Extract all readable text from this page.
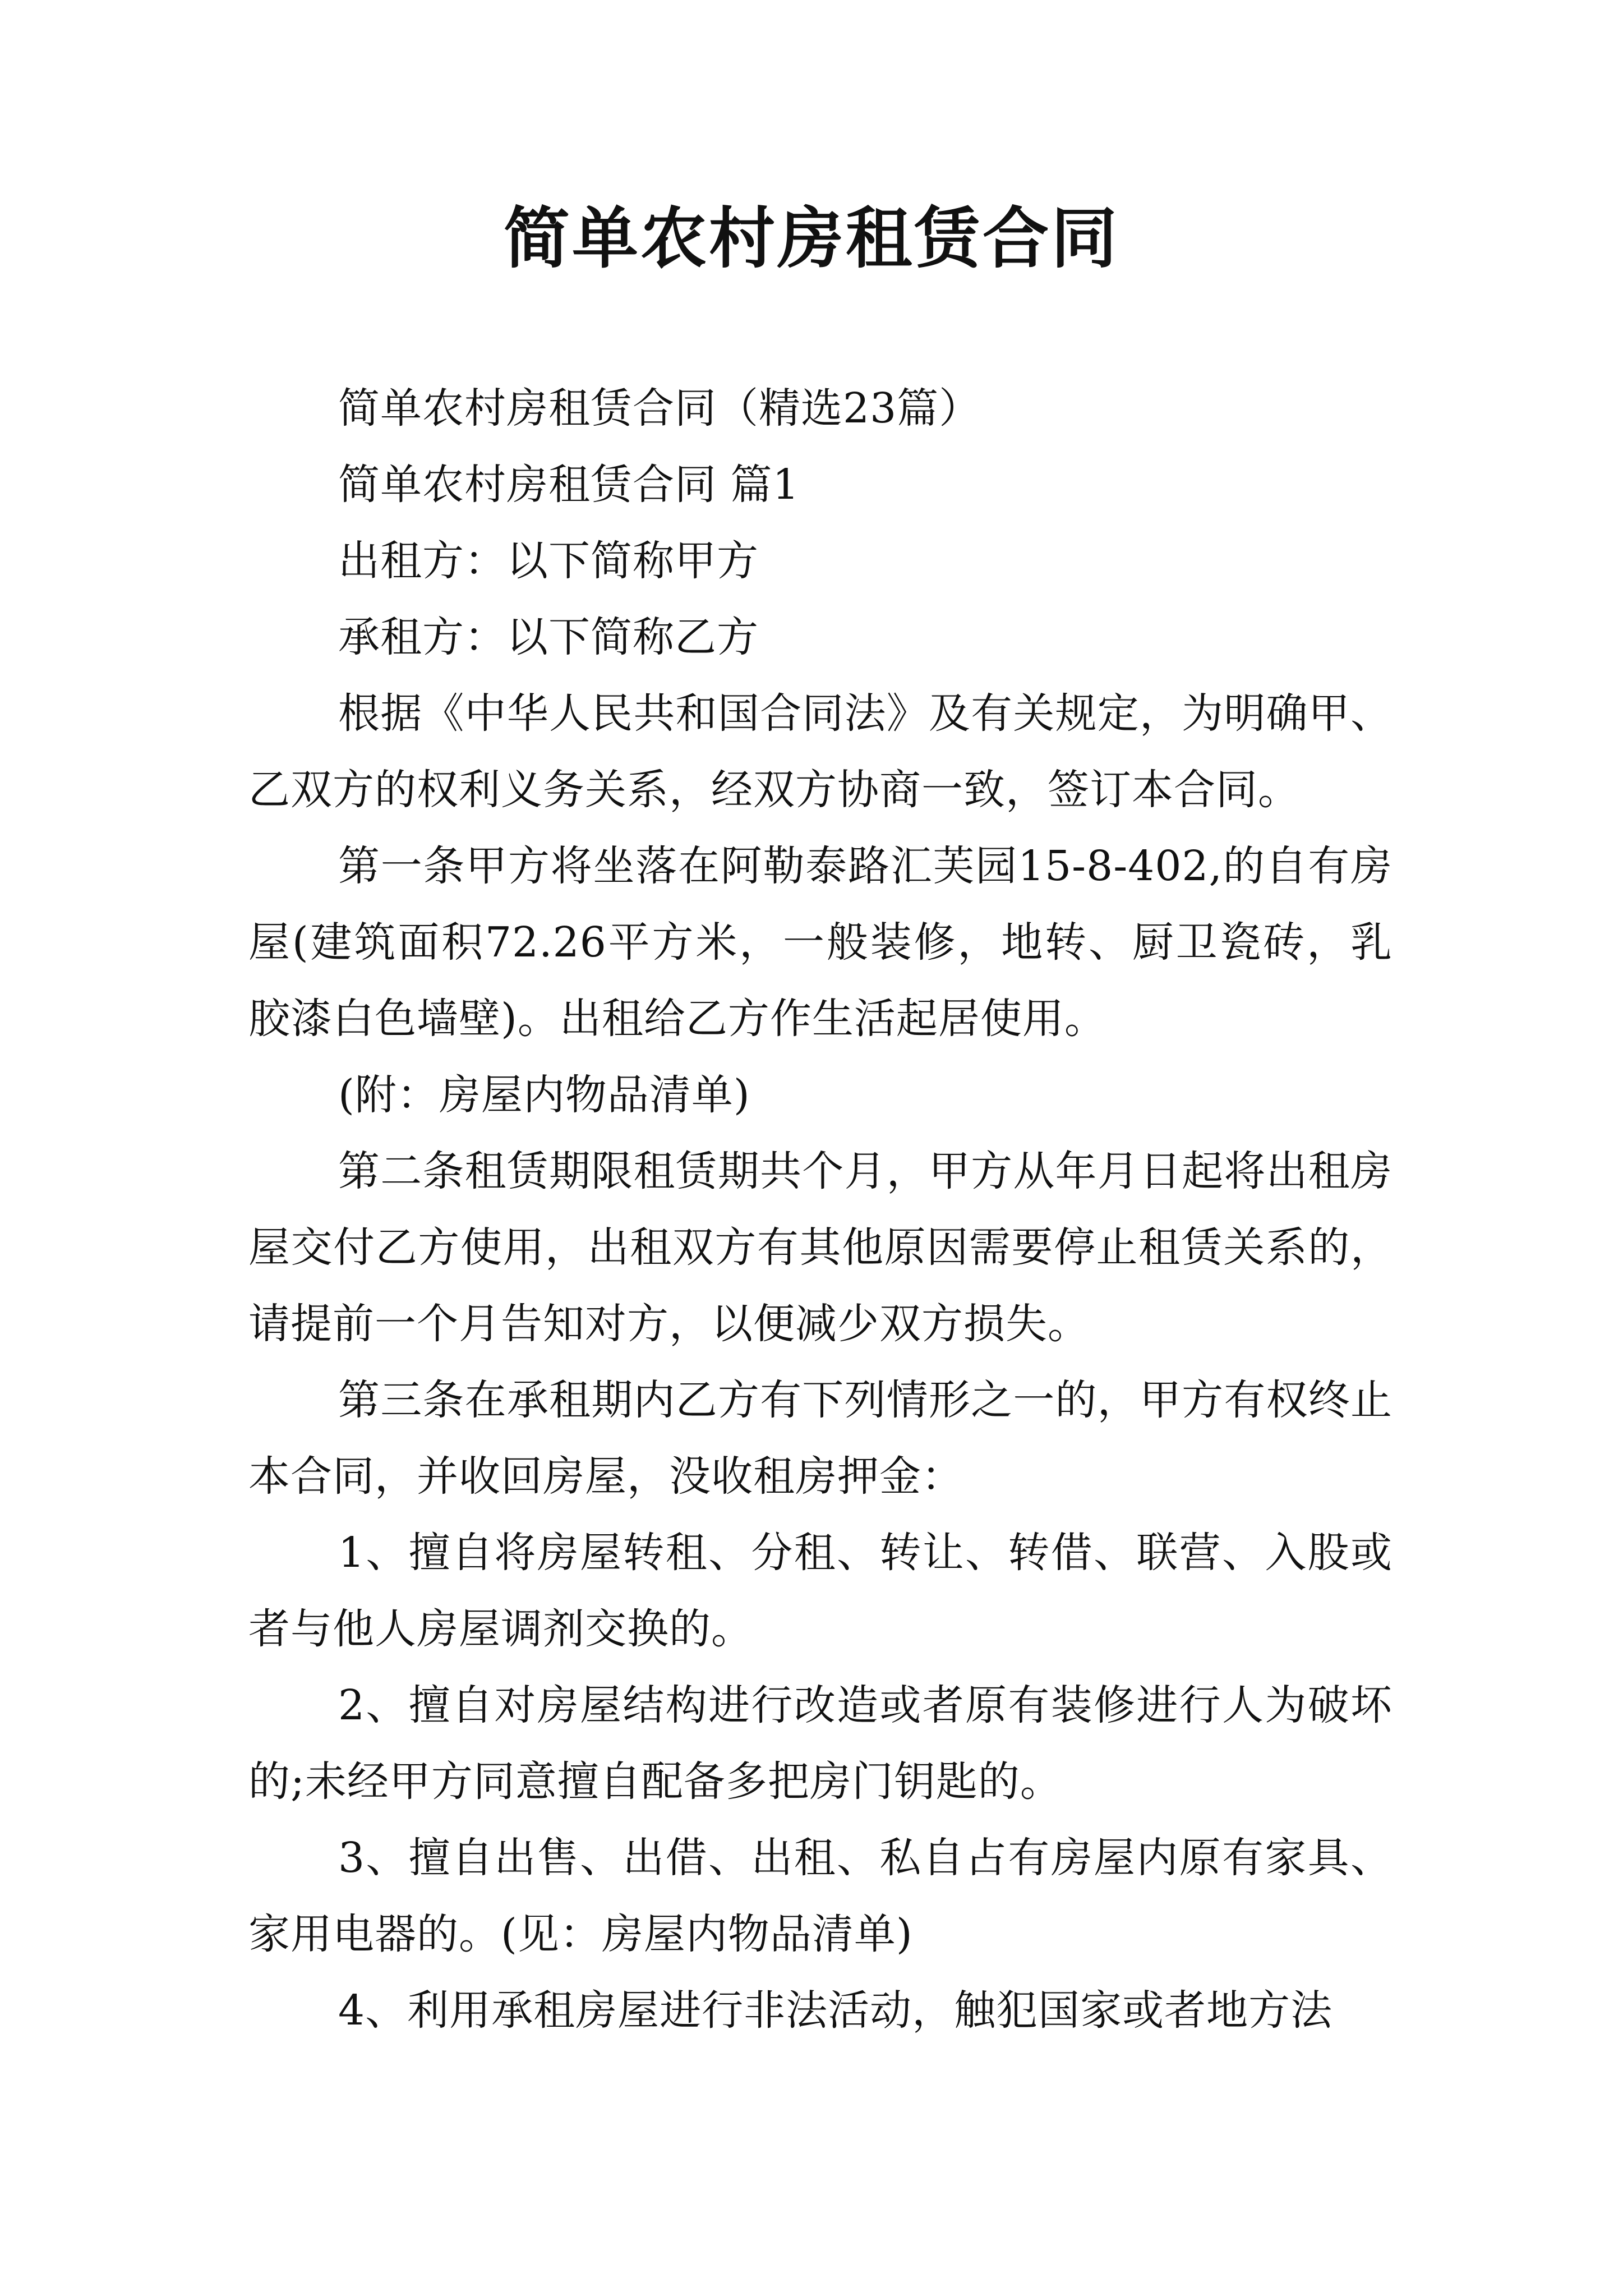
简单农村房租赁合同

简单农村房租赁合同（精选23篇）

简单农村房租赁合同 篇1

出租方：以下简称甲方

承租方：以下简称乙方

根据《中华人民共和国合同法》及有关规定，为明确甲、乙双方的权利义务关系，经双方协商一致，签订本合同。

第一条甲方将坐落在阿勒泰路汇芙园15-8-402,的自有房屋(建筑面积72.26平方米，一般装修，地转、厨卫瓷砖，乳胶漆白色墙壁)。出租给乙方作生活起居使用。

(附：房屋内物品清单)

第二条租赁期限租赁期共个月，甲方从年月日起将出租房屋交付乙方使用，出租双方有其他原因需要停止租赁关系的，请提前一个月告知对方，以便减少双方损失。

第三条在承租期内乙方有下列情形之一的，甲方有权终止本合同，并收回房屋，没收租房押金：

1、擅自将房屋转租、分租、转让、转借、联营、入股或者与他人房屋调剂交换的。

2、擅自对房屋结构进行改造或者原有装修进行人为破坏的;未经甲方同意擅自配备多把房门钥匙的。

3、擅自出售、出借、出租、私自占有房屋内原有家具、家用电器的。(见：房屋内物品清单)

4、利用承租房屋进行非法活动，触犯国家或者地方法
